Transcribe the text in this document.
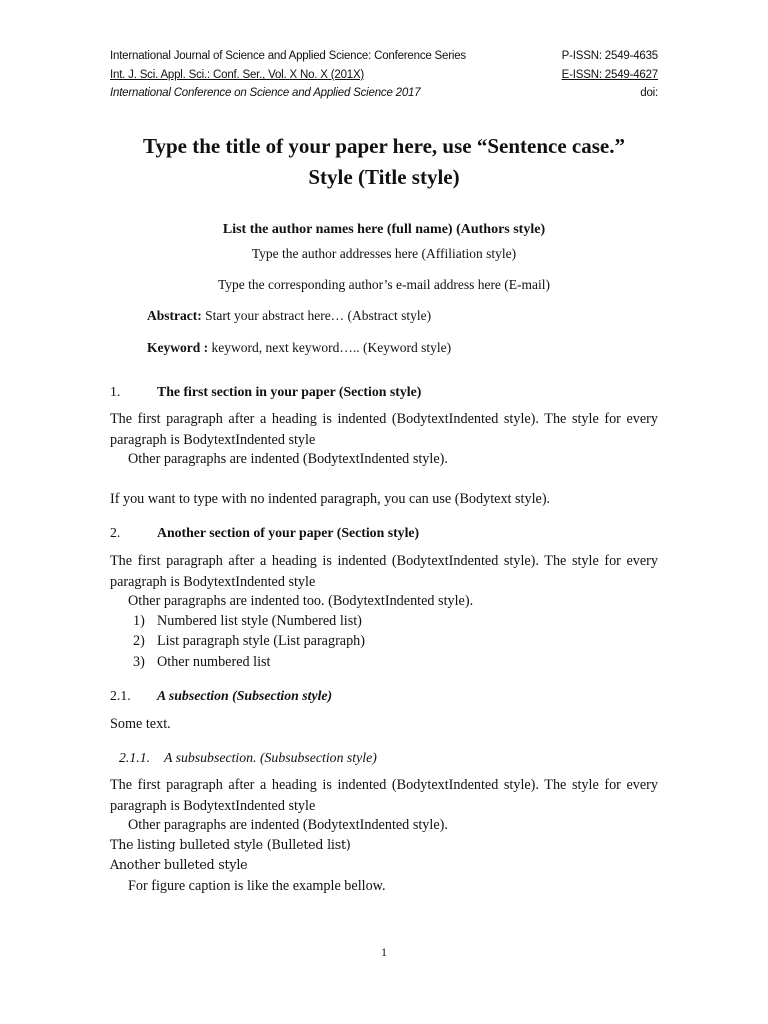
International Journal of Science and Applied Science: Conference Series	P-ISSN: 2549-4635
Int. J. Sci. Appl. Sci.: Conf. Ser., Vol. X No. X (201X)	E-ISSN: 2549-4627
International Conference on Science and Applied Science 2017	doi:
Type the title of your paper here, use “Sentence case.”
Style (Title style)
List the author names here (full name) (Authors style)
Type the author addresses here (Affiliation style)
Type the corresponding author’s e-mail address here (E-mail)
Abstract: Start your abstract here… (Abstract style)
Keyword : keyword, next keyword….. (Keyword style)
1.	The first section in your paper (Section style)
The first paragraph after a heading is indented (BodytextIndented style). The style for every paragraph is BodytextIndented style
Other paragraphs are indented (BodytextIndented style).
If you want to type with no indented paragraph, you can use (Bodytext style).
2.	Another section of your paper (Section style)
The first paragraph after a heading is indented (BodytextIndented style). The style for every paragraph is BodytextIndented style
Other paragraphs are indented too. (BodytextIndented style).
1) Numbered list style (Numbered list)
2) List paragraph style (List paragraph)
3) Other numbered list
2.1. A subsection (Subsection style)
Some text.
2.1.1. A subsubsection. (Subsubsection style)
The first paragraph after a heading is indented (BodytextIndented style). The style for every paragraph is BodytextIndented style
Other paragraphs are indented (BodytextIndented style).
The listing bulleted style (Bulleted list)
Another bulleted style
For figure caption is like the example bellow.
1
